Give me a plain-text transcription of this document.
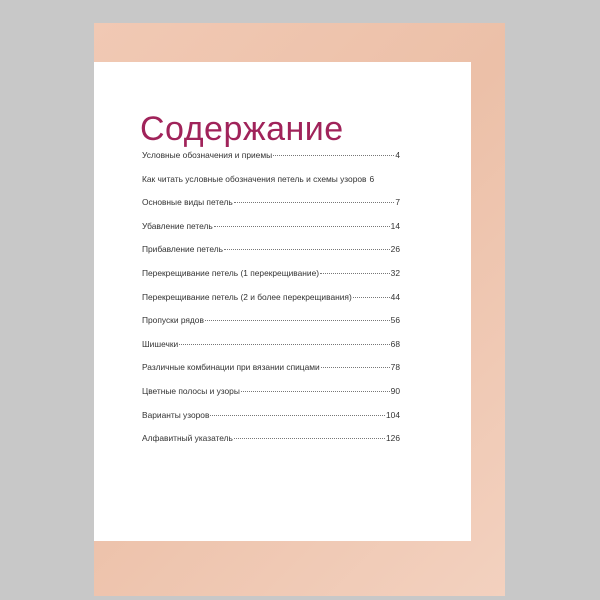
Содержание
Условные обозначения и приемы	4
Как читать условные обозначения петель и схемы узоров 6
Основные виды петель	7
Убавление петель	14
Прибавление петель	26
Перекрещивание петель (1 перекрещивание)	32
Перекрещивание петель (2 и более перекрещивания)	44
Пропуски рядов	56
Шишечки	68
Различные комбинации при вязании спицами	78
Цветные полосы и узоры	90
Варианты узоров	104
Алфавитный указатель	126
